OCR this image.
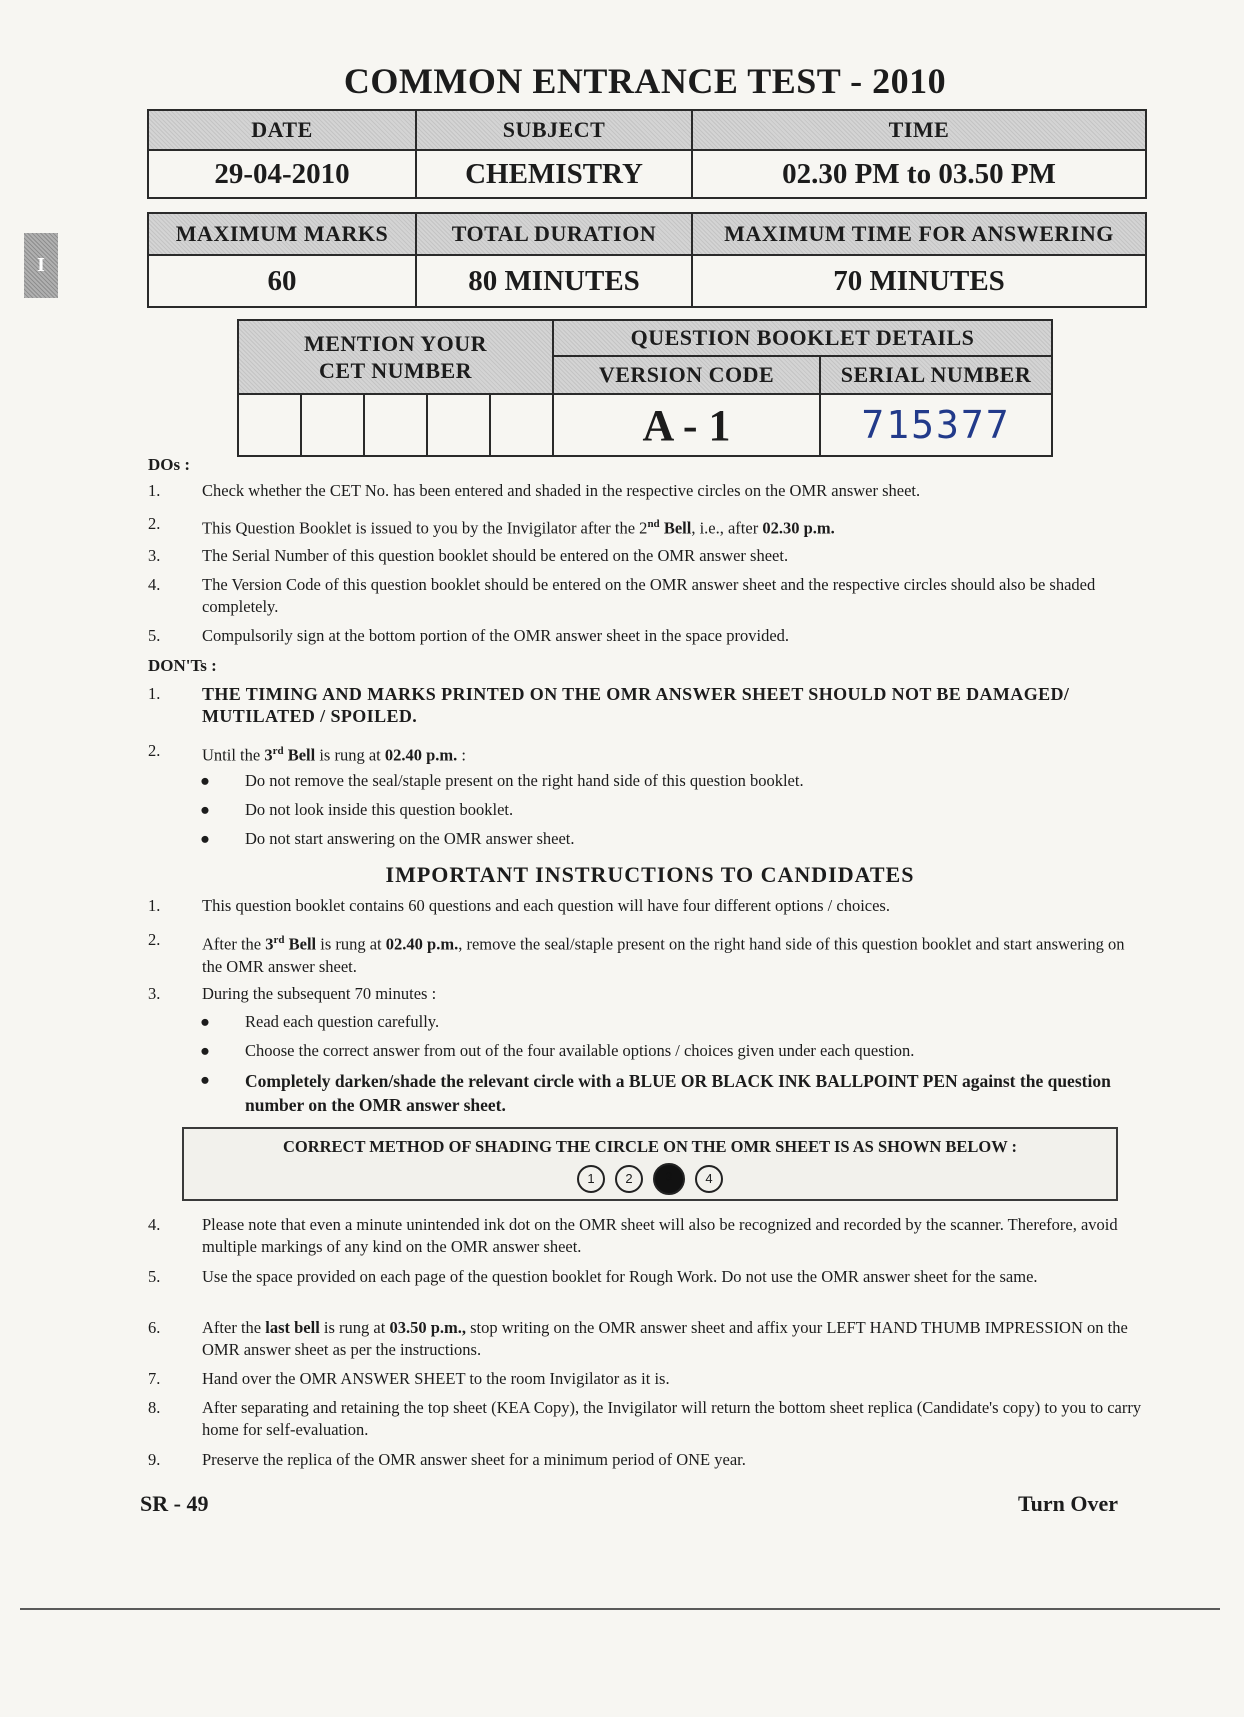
COMMON ENTRANCE TEST - 2010
I
DATE	SUBJECT	TIME
29-04-2010	CHEMISTRY	02.30 PM to 03.50 PM
MAXIMUM MARKS	TOTAL DURATION	MAXIMUM TIME FOR ANSWERING
60	80 MINUTES	70 MINUTES
MENTION YOUR
CET NUMBER					QUESTION BOOKLET DETAILS	
					VERSION CODE	SERIAL NUMBER
					A - 1	715377
DOs :
1.	Check whether the CET No. has been entered and shaded in the respective circles on the OMR answer sheet.
2.	This Question Booklet is issued to you by the Invigilator after the 2nd Bell, i.e., after 02.30 p.m.
3.	The Serial Number of this question booklet should be entered on the OMR answer sheet.
4.	The Version Code of this question booklet should be entered on the OMR answer sheet and the respective circles should also be shaded completely.
5.	Compulsorily sign at the bottom portion of the OMR answer sheet in the space provided.
DON'Ts :
1.	THE TIMING AND MARKS PRINTED ON THE OMR ANSWER SHEET SHOULD NOT BE DAMAGED/ MUTILATED / SPOILED.
2.	Until the 3rd Bell is rung at 02.40 p.m. :
● Do not remove the seal/staple present on the right hand side of this question booklet.
● Do not look inside this question booklet.
● Do not start answering on the OMR answer sheet.
IMPORTANT INSTRUCTIONS TO CANDIDATES
1.	This question booklet contains 60 questions and each question will have four different options / choices.
2.	After the 3rd Bell is rung at 02.40 p.m., remove the seal/staple present on the right hand side of this question booklet and start answering on the OMR answer sheet.
3.	During the subsequent 70 minutes :
● Read each question carefully.
● Choose the correct answer from out of the four available options / choices given under each question.
● Completely darken/shade the relevant circle with a BLUE OR BLACK INK BALLPOINT PEN against the question number on the OMR answer sheet.
CORRECT METHOD OF SHADING THE CIRCLE ON THE OMR SHEET IS AS SHOWN BELOW :
1 2	3	4
4.	Please note that even a minute unintended ink dot on the OMR sheet will also be recognized and recorded by the scanner. Therefore, avoid multiple markings of any kind on the OMR answer sheet.
5.	Use the space provided on each page of the question booklet for Rough Work. Do not use the OMR answer sheet for the same.
6.	After the last bell is rung at 03.50 p.m., stop writing on the OMR answer sheet and affix your LEFT HAND THUMB IMPRESSION on the OMR answer sheet as per the instructions.
7.	Hand over the OMR ANSWER SHEET to the room Invigilator as it is.
8.	After separating and retaining the top sheet (KEA Copy), the Invigilator will return the bottom sheet replica (Candidate's copy) to you to carry home for self-evaluation.
9.	Preserve the replica of the OMR answer sheet for a minimum period of ONE year.
SR - 49	Turn Over
